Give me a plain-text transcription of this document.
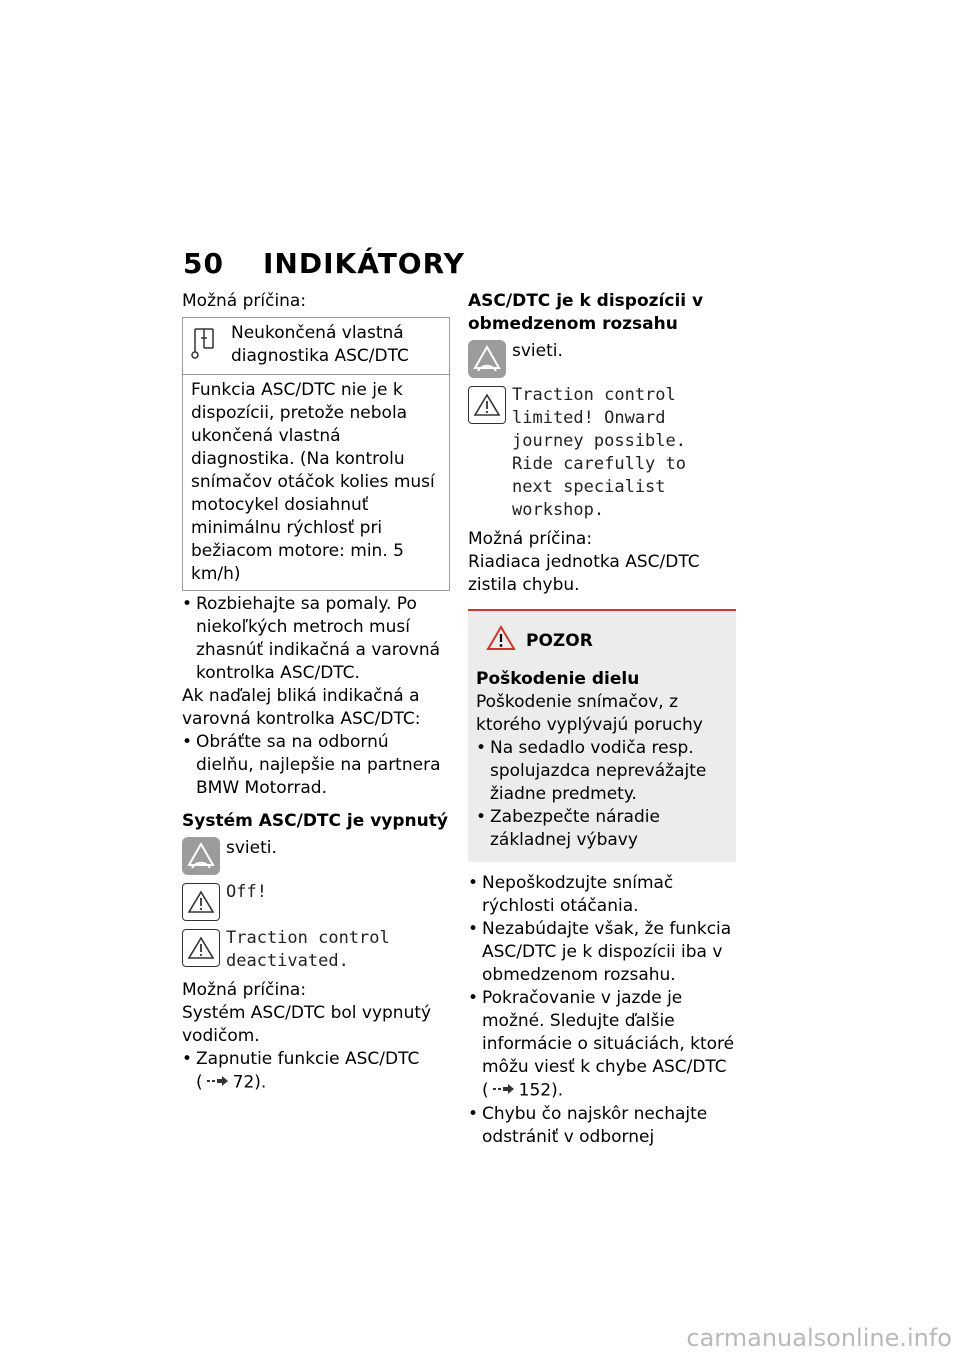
50	INDIKÁTORY

Možná príčina:

Neukončená vlastná diagnostika ASC/DTC
Funkcia ASC/DTC nie je k dispozícii, pretože nebola ukončená vlastná diagnostika. (Na kontrolu snímačov otáčok kolies musí motocykel dosiahnuť minimálnu rýchlosť pri bežiacom motore: min. 5 km/h)
• Rozbiehajte sa pomaly. Po niekoľkých metroch musí zhasnúť indikačná a varovná kontrolka ASC/DTC.

Ak naďalej bliká indikačná a varovná kontrolka ASC/DTC:

• Obráťte sa na odbornú dielňu, najlepšie na partnera BMW Motorrad.

Systém ASC/DTC je vypnutý

svieti.
Off!
Traction control deactivated.

Možná príčina:

Systém ASC/DTC bol vypnutý vodičom.

• Zapnutie funkcie ASC/DTC
( 72).

ASC/DTC je k dispozícii v obmedzenom rozsahu

svieti.
Traction control limited! Onward journey possible. Ride carefully to next specialist workshop.

Možná príčina:

Riadiaca jednotka ASC/DTC zistila chybu.

POZOR

Poškodenie dielu

Poškodenie snímačov, z ktorého vyplývajú poruchy

• Na sedadlo vodiča resp. spolujazdca neprevážajte žiadne predmety.
• Zabezpečte náradie základnej výbavy
• Nepoškodzujte snímač rýchlosti otáčania.
• Nezabúdajte však, že funkcia ASC/DTC je k dispozícii iba v obmedzenom rozsahu.
• Pokračovanie v jazde je možné. Sledujte ďalšie informácie o situáciách, ktoré môžu viesť k chybe ASC/DTC ( 152).
• Chybu čo najskôr nechajte odstrániť v odbornej
carmanualsonline.info
